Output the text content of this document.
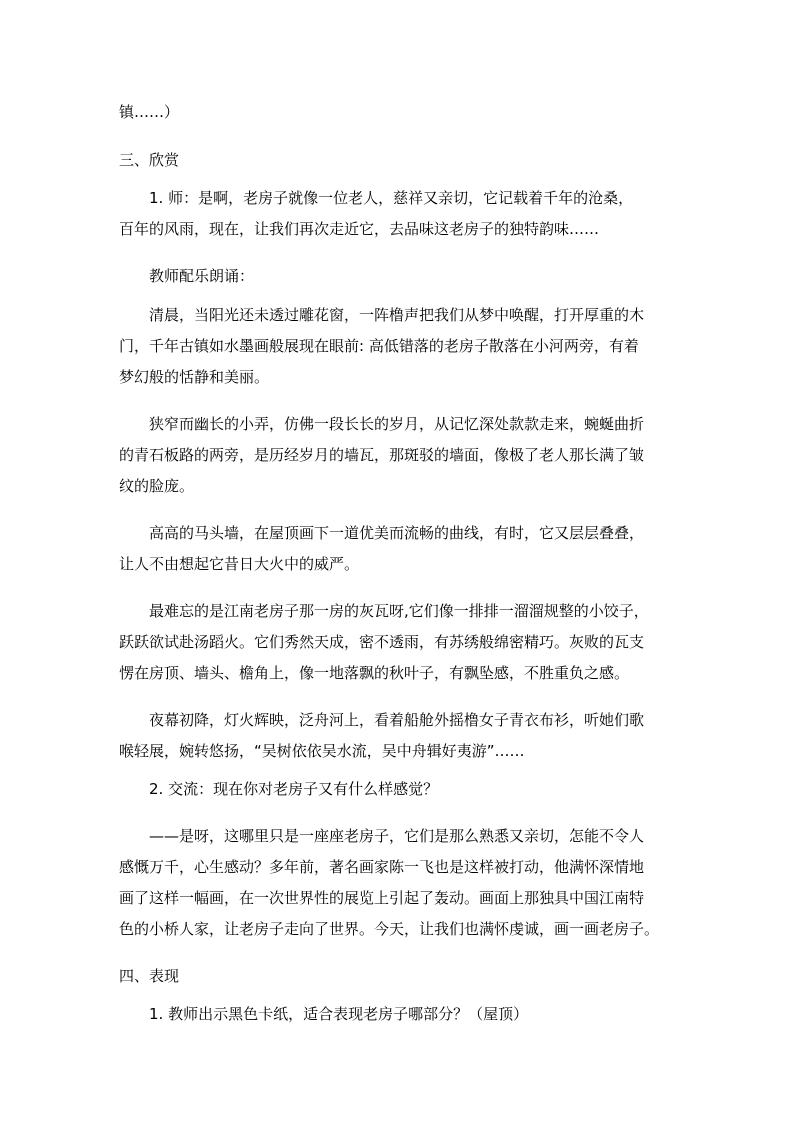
镇……）
三、欣赏
1. 师：是啊，老房子就像一位老人，慈祥又亲切，它记载着千年的沧桑，
百年的风雨，现在，让我们再次走近它，去品味这老房子的独特韵味……
教师配乐朗诵：
清晨，当阳光还未透过雕花窗，一阵橹声把我们从梦中唤醒，打开厚重的木
门，千年古镇如水墨画般展现在眼前: 高低错落的老房子散落在小河两旁，有着
梦幻般的恬静和美丽。
狭窄而幽长的小弄，仿佛一段长长的岁月，从记忆深处款款走来，蜿蜒曲折
的青石板路的两旁，是历经岁月的墙瓦，那斑驳的墙面，像极了老人那长满了皱
纹的脸庞。
高高的马头墙，在屋顶画下一道优美而流畅的曲线，有时，它又层层叠叠，
让人不由想起它昔日大火中的威严。
最难忘的是江南老房子那一房的灰瓦呀,它们像一排排一溜溜规整的小饺子，
跃跃欲试赴汤蹈火。它们秀然天成，密不透雨，有苏绣般绵密精巧。灰败的瓦支
愣在房顶、墙头、檐角上，像一地落飘的秋叶子，有飘坠感，不胜重负之感。
夜幕初降，灯火辉映，泛舟河上，看着船舱外摇橹女子青衣布衫，听她们歌
喉轻展，婉转悠扬，“吴树依依吴水流，吴中舟辑好夷游”……
2. 交流：现在你对老房子又有什么样感觉？
——是呀，这哪里只是一座座老房子，它们是那么熟悉又亲切，怎能不令人
感慨万千，心生感动？多年前，著名画家陈一飞也是这样被打动，他满怀深情地
画了这样一幅画，在一次世界性的展览上引起了轰动。画面上那独具中国江南特
色的小桥人家，让老房子走向了世界。今天，让我们也满怀虔诚，画一画老房子。
四、表现
1. 教师出示黑色卡纸，适合表现老房子哪部分？（屋顶）
